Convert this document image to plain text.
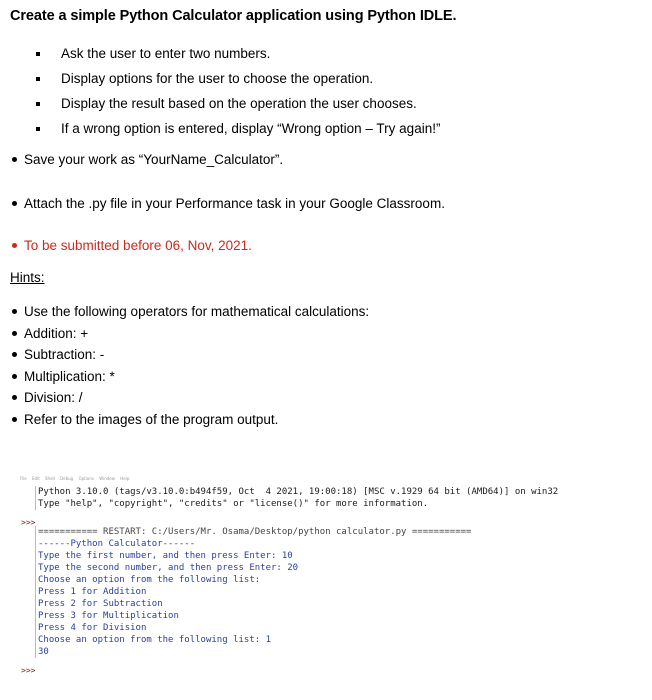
Create a simple Python Calculator application using Python IDLE.
Ask the user to enter two numbers.
Display options for the user to choose the operation.
Display the result based on the operation the user chooses.
If a wrong option is entered, display “Wrong option – Try again!”
Save your work as “YourName_Calculator”.
Attach the .py file in your Performance task in your Google Classroom.
To be submitted before 06, Nov, 2021.
Hints:
Use the following operators for mathematical calculations:
Addition: +
Subtraction: -
Multiplication: *
Division: /
Refer to the images of the program output.
File Edit Shell Debug Options Window Help
>>>
>>>
Python 3.10.0 (tags/v3.10.0:b494f59, Oct  4 2021, 19:00:18) [MSC v.1929 64 bit (AMD64)] on win32
Type "help", "copyright", "credits" or "license()" for more information.
=========== RESTART: C:/Users/Mr. Osama/Desktop/python calculator.py ===========
------Python Calculator------
Type the first number, and then press Enter: 10
Type the second number, and then press Enter: 20
Choose an option from the following list:
Press 1 for Addition
Press 2 for Subtraction
Press 3 for Multiplication
Press 4 for Division
Choose an option from the following list: 1
30
